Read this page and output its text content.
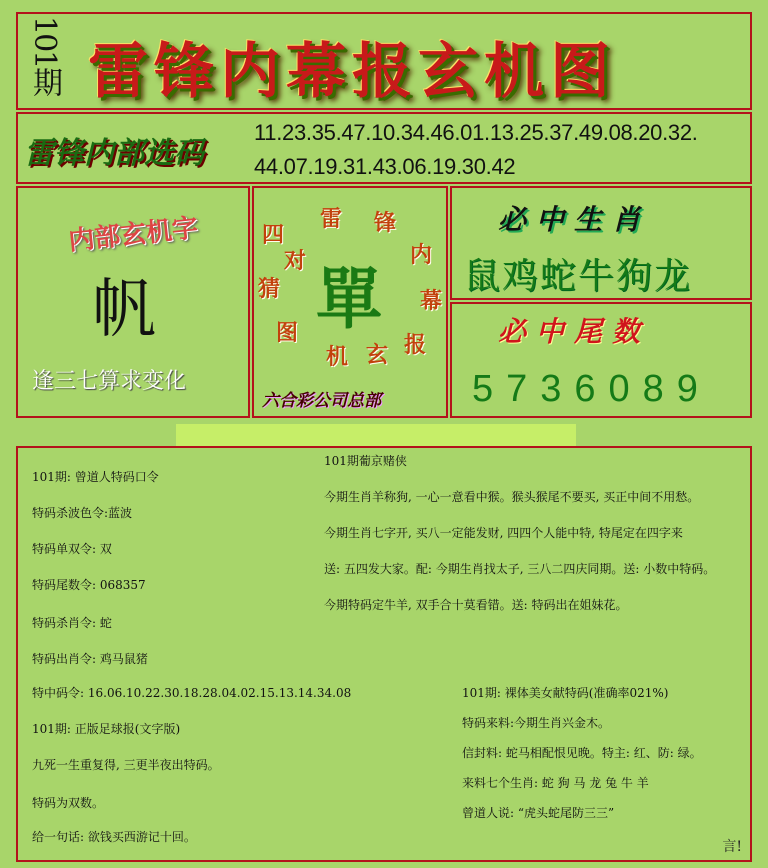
101期 雷锋内幕报玄机图
雷锋内部选码
11.23.35.47.10.34.46.01.13.25.37.49.08.20.32.
44.07.19.31.43.06.19.30.42
内部玄机字
帆
逢三七算求变化
四
雷 锋
内
幕
报
玄
机
图
猜
对 單
六合彩公司总部
必中生肖
鼠鸡蛇牛狗龙
必中尾数
5736089
101期: 曾道人特码口令
特码杀波色令:蓝波
特码单双令: 双
特码尾数令: 068357
特码杀肖令: 蛇
特码出肖令: 鸡马鼠猪
特中码令: 16.06.10.22.30.18.28.04.02.15.13.14.34.08
101期: 正版足球报(文字版)
九死一生重复得, 三更半夜出特码。
特码为双数。
给一句话: 欲钱买西游记十回。
101期葡京赌侠
今期生肖羊称狗, 一心一意看中猴。猴头猴尾不要买, 买正中间不用愁。
今期生肖七字开, 买八一定能发财, 四四个人能中特, 特尾定在四字来
送: 五四发大家。配: 今期生肖找太子, 三八二四庆同期。送: 小数中特码。
今期特码定牛羊, 双手合十莫看错。送: 特码出在姐妹花。
101期: 裸体美女献特码(准确率021%)
特码来料:今期生肖兴金木。
信封料: 蛇马相配恨见晚。特主: 红、防: 绿。
来料七个生肖: 蛇 狗 马 龙 兔 牛 羊
曾道人说: “虎头蛇尾防三三”
言!
